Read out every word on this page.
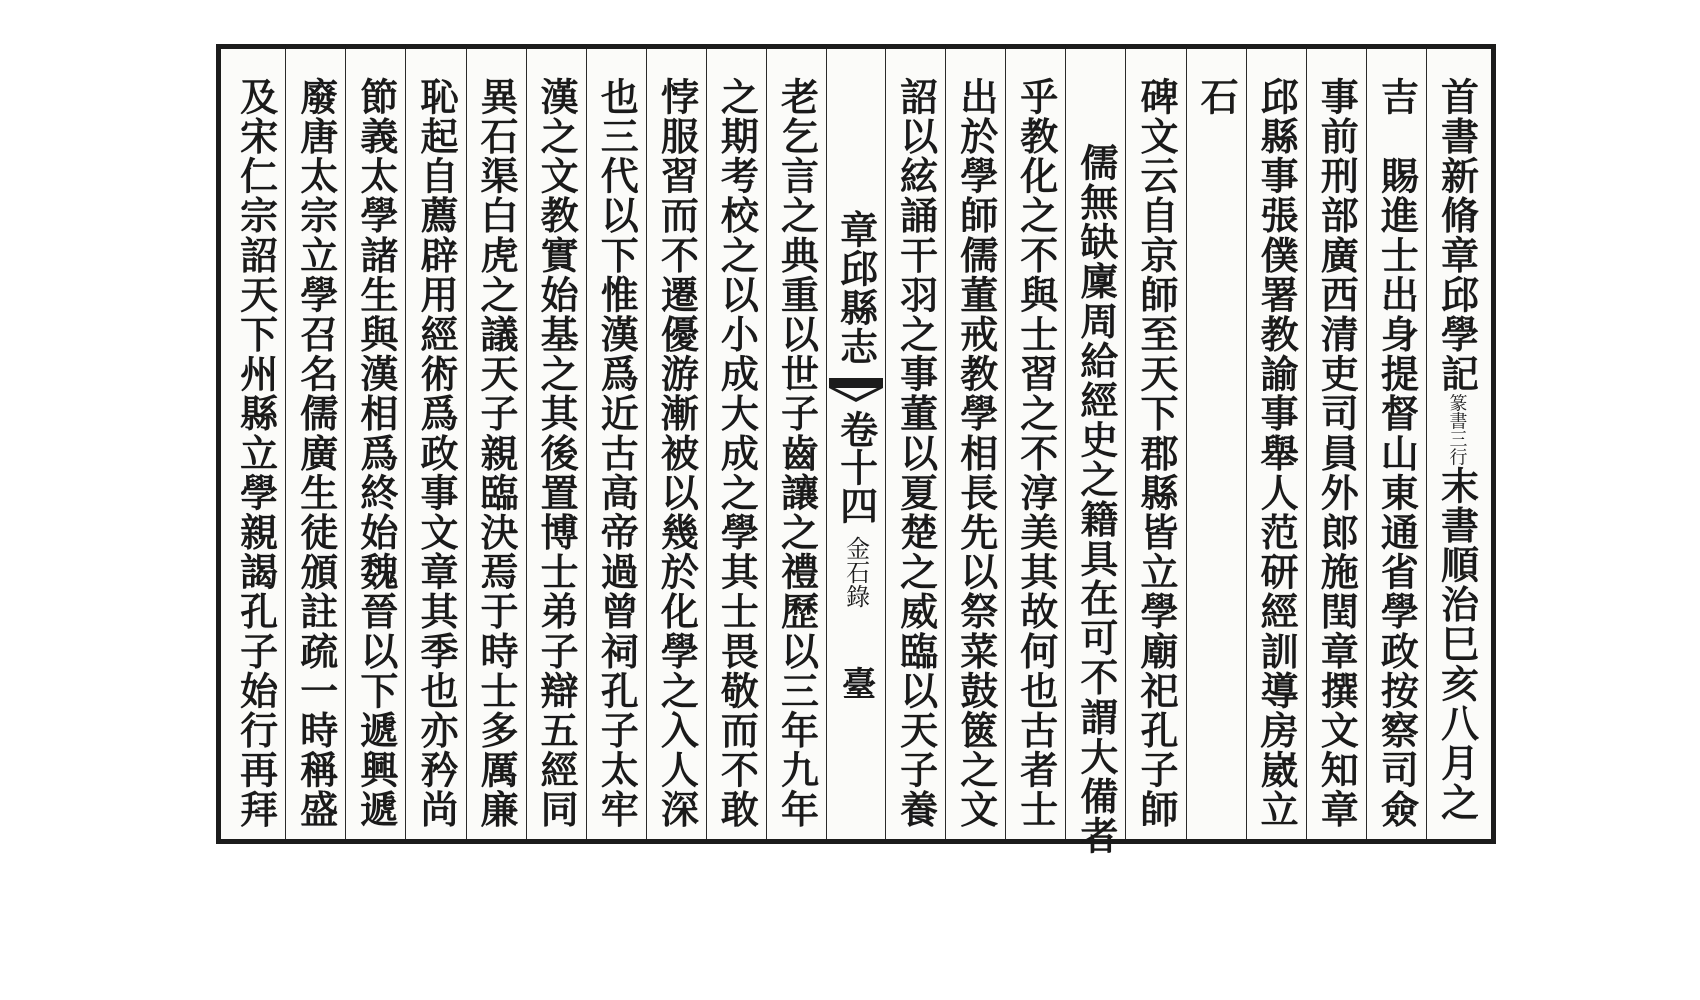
首書新脩章邱學記篆書三行末書順治巳亥八月之
吉　賜進士出身提督山東通省學政按察司僉
事前刑部廣西清吏司員外郎施閏章撰文知章
邱縣事張僕署教諭事舉人范研經訓導房崴立
石
碑文云自京師至天下郡縣皆立學廟祀孔子師
儒無缺廩周給經史之籍具在可不謂大備者
乎教化之不與士習之不淳美其故何也古者士
出於學師儒董戒教學相長先以祭菜鼓篋之文
詔以絃誦干羽之事董以夏楚之威臨以天子養
章邱縣志
卷十四
金石錄
臺
老乞言之典重以世子齒讓之禮歷以三年九年
之期考校之以小成大成之學其士畏敬而不敢
悖服習而不遷優游漸被以幾於化學之入人深
也三代以下惟漢爲近古高帝過曾祠孔子太牢
漢之文教實始基之其後置博士弟子辯五經同
異石渠白虎之議天子親臨決焉于時士多厲廉
恥起自薦辟用經術爲政事文章其季也亦矜尚
節義太學諸生與漢相爲終始魏晉以下遞興遞
廢唐太宗立學召名儒廣生徒頒註疏一時稱盛
及宋仁宗詔天下州縣立學親謁孔子始行再拜
